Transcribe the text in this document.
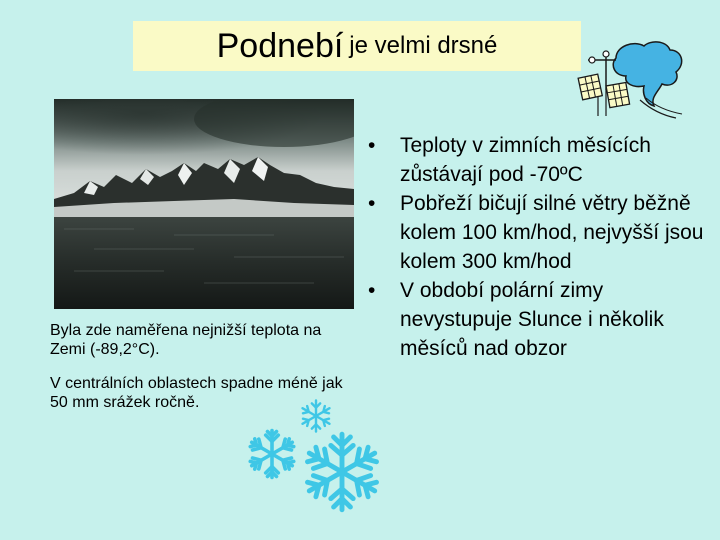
Podnebí je velmi drsné
Byla zde naměřena nejnižší teplota na Zemi (-89,2°C).
V centrálních oblastech spadne méně jak 50 mm srážek ročně.
• Teploty v zimních měsících zůstávají pod -70ºC
• Pobřeží bičují silné větry běžně kolem 100 km/hod, nejvyšší jsou kolem 300 km/hod
• V období polární zimy nevystupuje Slunce i několik měsíců nad obzor
